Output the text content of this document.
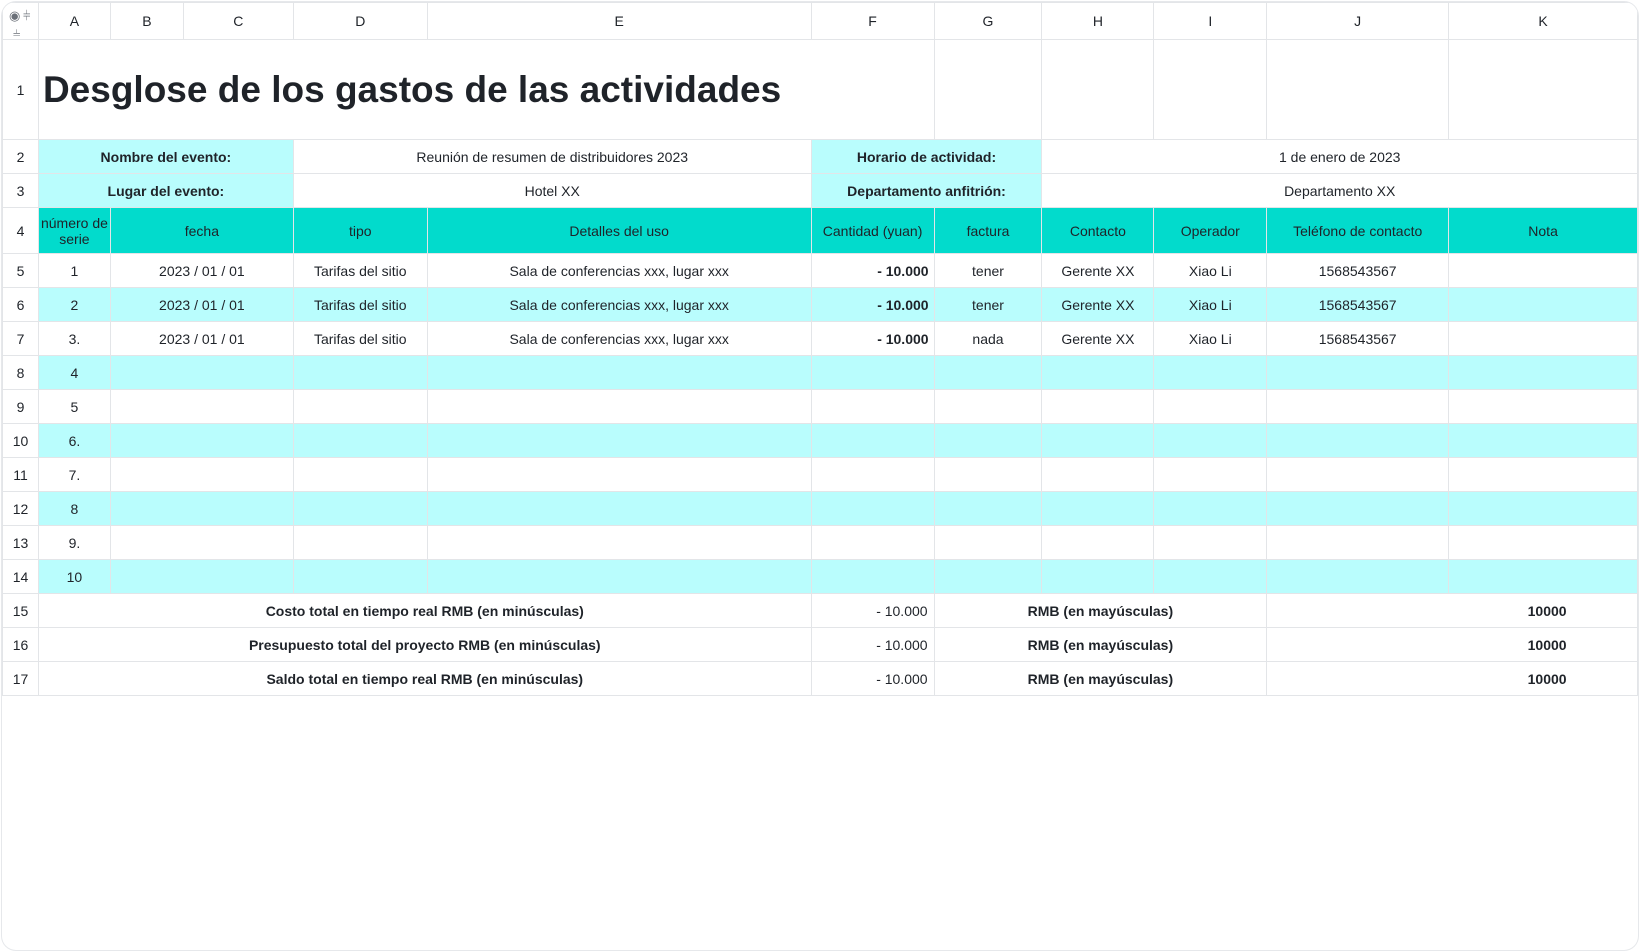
◉ ⫩
⫨	A	B	C	D	E	F	G	H	I	J	K
1	Desglose de los gastos de las actividades										
2	Nombre del evento:			Reunión de resumen de distribuidores 2023		Horario de actividad:		1 de enero de 2023			
3	Lugar del evento:			Hotel XX		Departamento anfitrión:		Departamento XX			
4	número de serie	fecha		tipo	Detalles del uso	Cantidad (yuan)	factura	Contacto	Operador	Teléfono de contacto	Nota
5	1	2023 / 01 / 01		Tarifas del sitio	Sala de conferencias xxx, lugar xxx	- 10.000	tener	Gerente XX	Xiao Li	1568543567	
6	2	2023 / 01 / 01		Tarifas del sitio	Sala de conferencias xxx, lugar xxx	- 10.000	tener	Gerente XX	Xiao Li	1568543567	
7	3.	2023 / 01 / 01		Tarifas del sitio	Sala de conferencias xxx, lugar xxx	- 10.000	nada	Gerente XX	Xiao Li	1568543567	
8	4										
9	5										
10	6.										
11	7.										
12	8										
13	9.										
14	10										
15	Costo total en tiempo real RMB (en minúsculas)					- 10.000	RMB (en mayúsculas)			10000	
16	Presupuesto total del proyecto RMB (en minúsculas)					- 10.000	RMB (en mayúsculas)			10000	
17	Saldo total en tiempo real RMB (en minúsculas)					- 10.000	RMB (en mayúsculas)			10000	
